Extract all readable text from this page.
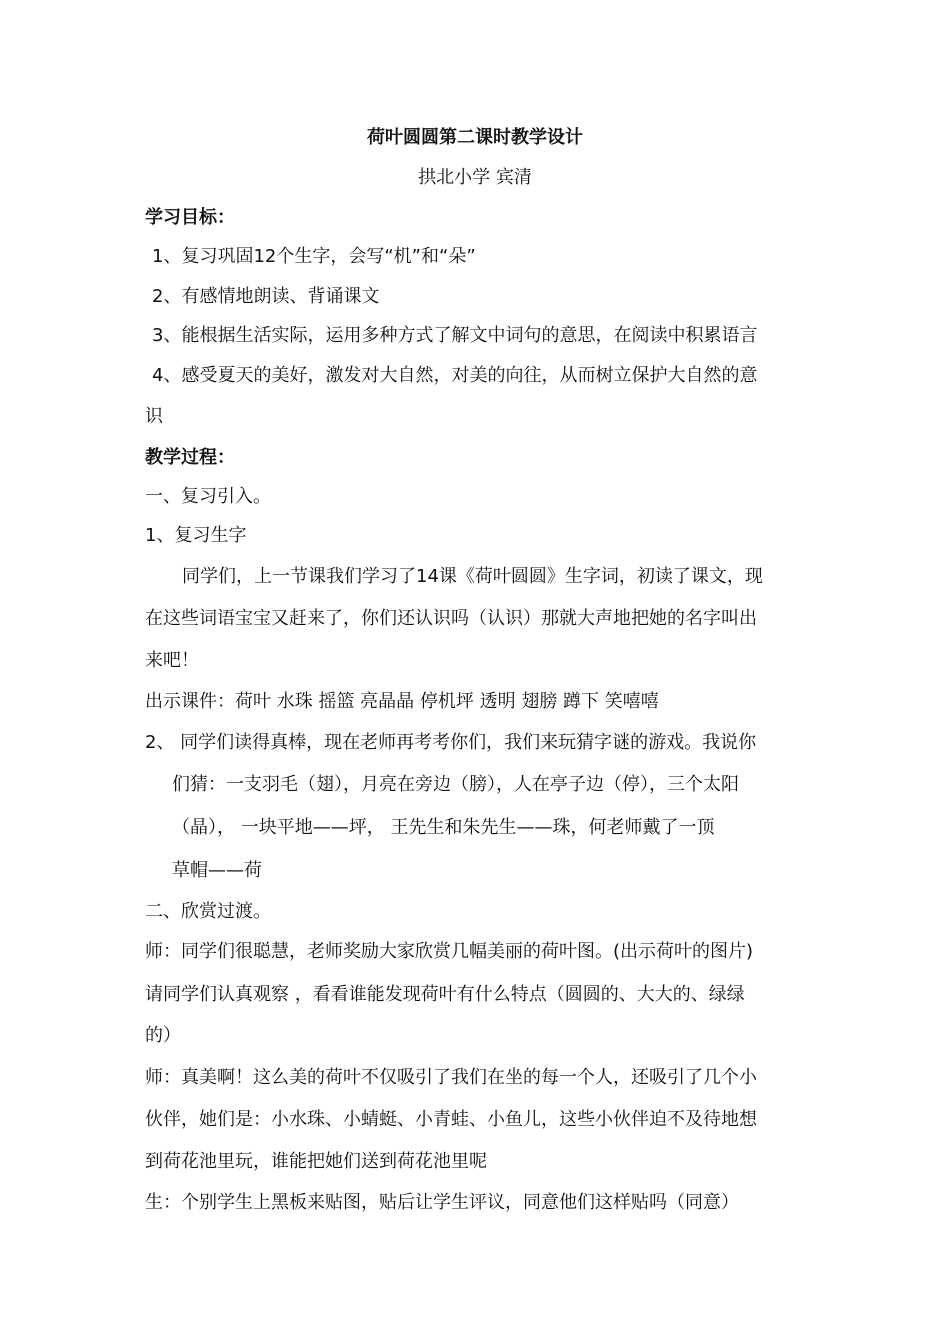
荷叶圆圆第二课时教学设计
拱北小学 宾清
学习目标：
1、复习巩固12个生字，会写“机”和“朵”
2、有感情地朗读、背诵课文
3、能根据生活实际，运用多种方式了解文中词句的意思，在阅读中积累语言
4、感受夏天的美好，激发对大自然，对美的向往，从而树立保护大自然的意
识
教学过程：
一、复习引入。
1、复习生字
同学们，上一节课我们学习了14课《荷叶圆圆》生字词，初读了课文，现
在这些词语宝宝又赶来了，你们还认识吗（认识）那就大声地把她的名字叫出
来吧！
出示课件：荷叶 水珠 摇篮 亮晶晶 停机坪 透明 翅膀 蹲下 笑嘻嘻
2、 同学们读得真棒，现在老师再考考你们，我们来玩猜字谜的游戏。我说你
们猜：一支羽毛（翅），月亮在旁边（膀），人在亭子边（停），三个太阳
（晶）， 一块平地——坪， 王先生和朱先生——珠，何老师戴了一顶
草帽——荷
二、欣赏过渡。
师：同学们很聪慧，老师奖励大家欣赏几幅美丽的荷叶图。(出示荷叶的图片)
请同学们认真观察 ，看看谁能发现荷叶有什么特点（圆圆的、大大的、绿绿
的）
师：真美啊！这么美的荷叶不仅吸引了我们在坐的每一个人，还吸引了几个小
伙伴，她们是：小水珠、小蜻蜓、小青蛙、小鱼儿，这些小伙伴迫不及待地想
到荷花池里玩，谁能把她们送到荷花池里呢
生：个别学生上黑板来贴图，贴后让学生评议，同意他们这样贴吗（同意）
